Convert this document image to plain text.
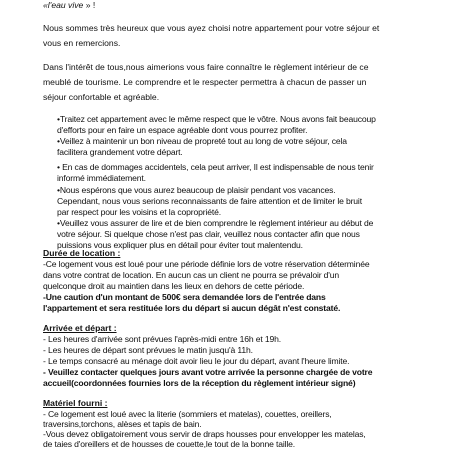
«l'eau vive » !
Nous sommes très heureux que vous ayez choisi notre appartement pour votre séjour et
vous en remercions.
Dans l'intérêt de tous,nous aimerions vous faire connaître le règlement intérieur de ce
meublé de tourisme. Le comprendre et le respecter permettra à chacun de passer un
séjour confortable et agréable.
•Traitez cet appartement avec le même respect que le vôtre. Nous avons fait beaucoup
d'efforts pour en faire un espace agréable dont vous pourrez profiter.
•Veillez à maintenir un bon niveau de propreté tout au long de votre séjour, cela
facilitera grandement votre départ.
• En cas de dommages accidentels, cela peut arriver, Il est indispensable de nous tenir
informé immédiatement.
•Nous espérons que vous aurez beaucoup de plaisir pendant vos vacances.
Cependant, nous vous serions reconnaissants de faire attention et de limiter le bruit
par respect pour les voisins et la copropriété.
•Veuillez vous assurer de lire et de bien comprendre le règlement intérieur au début de
votre séjour. Si quelque chose n'est pas clair, veuillez nous contacter afin que nous
puissions vous expliquer plus en détail pour éviter tout malentendu.
Durée de location :
-Ce logement vous est loué pour une période définie lors de votre réservation déterminée
dans votre contrat de location. En aucun cas un client ne pourra se prévaloir d'un
quelconque droit au maintien dans les lieux en dehors de cette période.
-Une caution d'un montant de 500€ sera demandée lors de l'entrée dans
l'appartement et sera restituée lors du départ si aucun dégât n'est constaté.
Arrivée et départ :
- Les heures d'arrivée sont prévues l'après-midi entre 16h et 19h.
- Les heures de départ sont prévues le matin jusqu'à 11h.
- Le temps consacré au ménage doit avoir lieu le jour du départ, avant l'heure limite.
- Veuillez contacter quelques jours avant votre arrivée la personne chargée de votre
accueil(coordonnées fournies lors de la réception du règlement intérieur signé)
Matériel fourni :
- Ce logement est loué avec la literie (sommiers et matelas), couettes, oreillers,
traversins,torchons, alèses et tapis de bain.
-Vous devez obligatoirement vous servir de draps housses pour envelopper les matelas,
de taies d'oreillers et de housses de couette,le tout de la bonne taille.
